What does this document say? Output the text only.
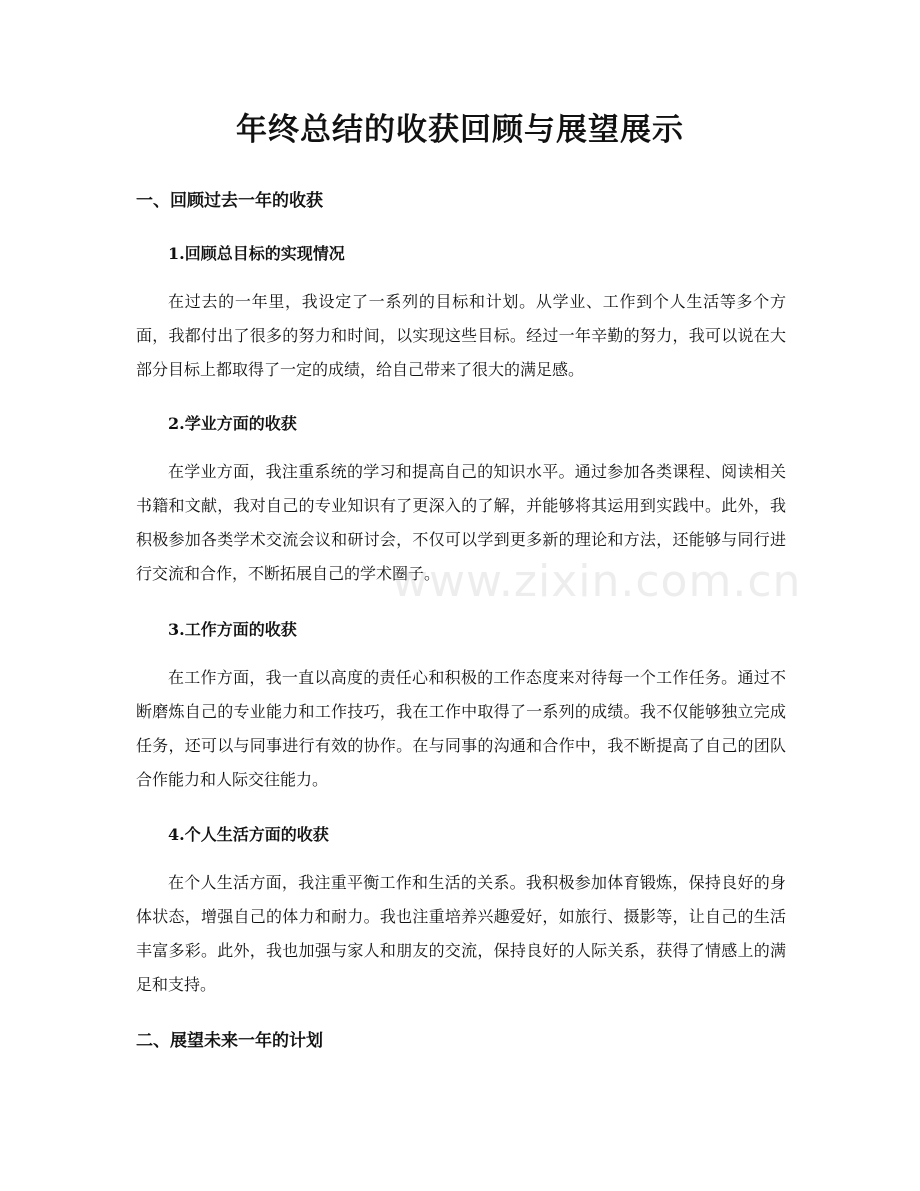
年终总结的收获回顾与展望展示
一、回顾过去一年的收获
1.回顾总目标的实现情况

在过去的一年里，我设定了一系列的目标和计划。从学业、工作到个人生活等多个方面，我都付出了很多的努力和时间，以实现这些目标。经过一年辛勤的努力，我可以说在大部分目标上都取得了一定的成绩，给自己带来了很大的满足感。

2.学业方面的收获

在学业方面，我注重系统的学习和提高自己的知识水平。通过参加各类课程、阅读相关书籍和文献，我对自己的专业知识有了更深入的了解，并能够将其运用到实践中。此外，我积极参加各类学术交流会议和研讨会，不仅可以学到更多新的理论和方法，还能够与同行进行交流和合作，不断拓展自己的学术圈子。

www.zixin.com.cn
3.工作方面的收获

在工作方面，我一直以高度的责任心和积极的工作态度来对待每一个工作任务。通过不断磨炼自己的专业能力和工作技巧，我在工作中取得了一系列的成绩。我不仅能够独立完成任务，还可以与同事进行有效的协作。在与同事的沟通和合作中，我不断提高了自己的团队合作能力和人际交往能力。

4.个人生活方面的收获

在个人生活方面，我注重平衡工作和生活的关系。我积极参加体育锻炼，保持良好的身体状态，增强自己的体力和耐力。我也注重培养兴趣爱好，如旅行、摄影等，让自己的生活丰富多彩。此外，我也加强与家人和朋友的交流，保持良好的人际关系，获得了情感上的满足和支持。

二、展望未来一年的计划
